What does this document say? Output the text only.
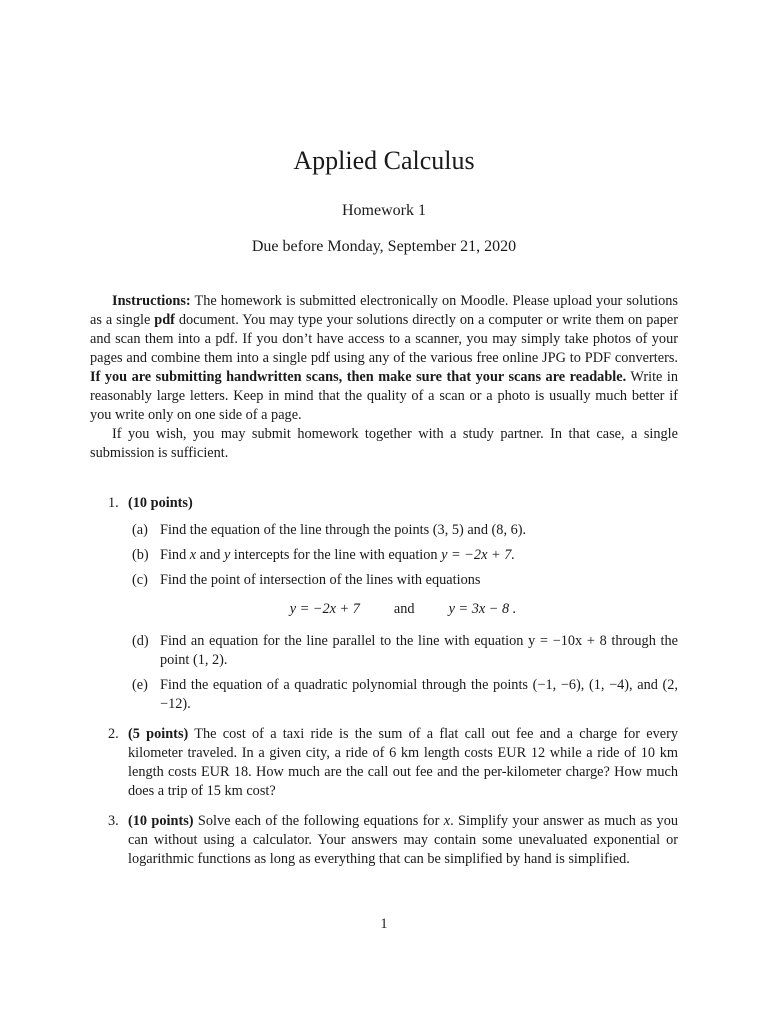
Applied Calculus
Homework 1
Due before Monday, September 21, 2020

Instructions: The homework is submitted electronically on Moodle. Please upload your solutions as a single pdf document. You may type your solutions directly on a computer or write them on paper and scan them into a pdf. If you don’t have access to a scanner, you may simply take photos of your pages and combine them into a single pdf using any of the various free online JPG to PDF converters. If you are submitting handwritten scans, then make sure that your scans are readable. Write in reasonably large letters. Keep in mind that the quality of a scan or a photo is usually much better if you write only on one side of a page.

If you wish, you may submit homework together with a study partner. In that case, a single submission is sufficient.

1. (10 points)
(a) Find the equation of the line through the points (3, 5) and (8, 6).
(b) Find x and y intercepts for the line with equation y = −2x + 7.
(c) Find the point of intersection of the lines with equations
y = −2x + 7 and y = 3x − 8 .
(d) Find an equation for the line parallel to the line with equation y = −10x + 8 through the point (1, 2).
(e) Find the equation of a quadratic polynomial through the points (−1, −6), (1, −4), and (2, −12).
2. (5 points) The cost of a taxi ride is the sum of a flat call out fee and a charge for every kilometer traveled. In a given city, a ride of 6 km length costs EUR 12 while a ride of 10 km length costs EUR 18. How much are the call out fee and the per-kilometer charge? How much does a trip of 15 km cost?
3. (10 points) Solve each of the following equations for x. Simplify your answer as much as you can without using a calculator. Your answers may contain some unevaluated exponential or logarithmic functions as long as everything that can be simplified by hand is simplified.
1
